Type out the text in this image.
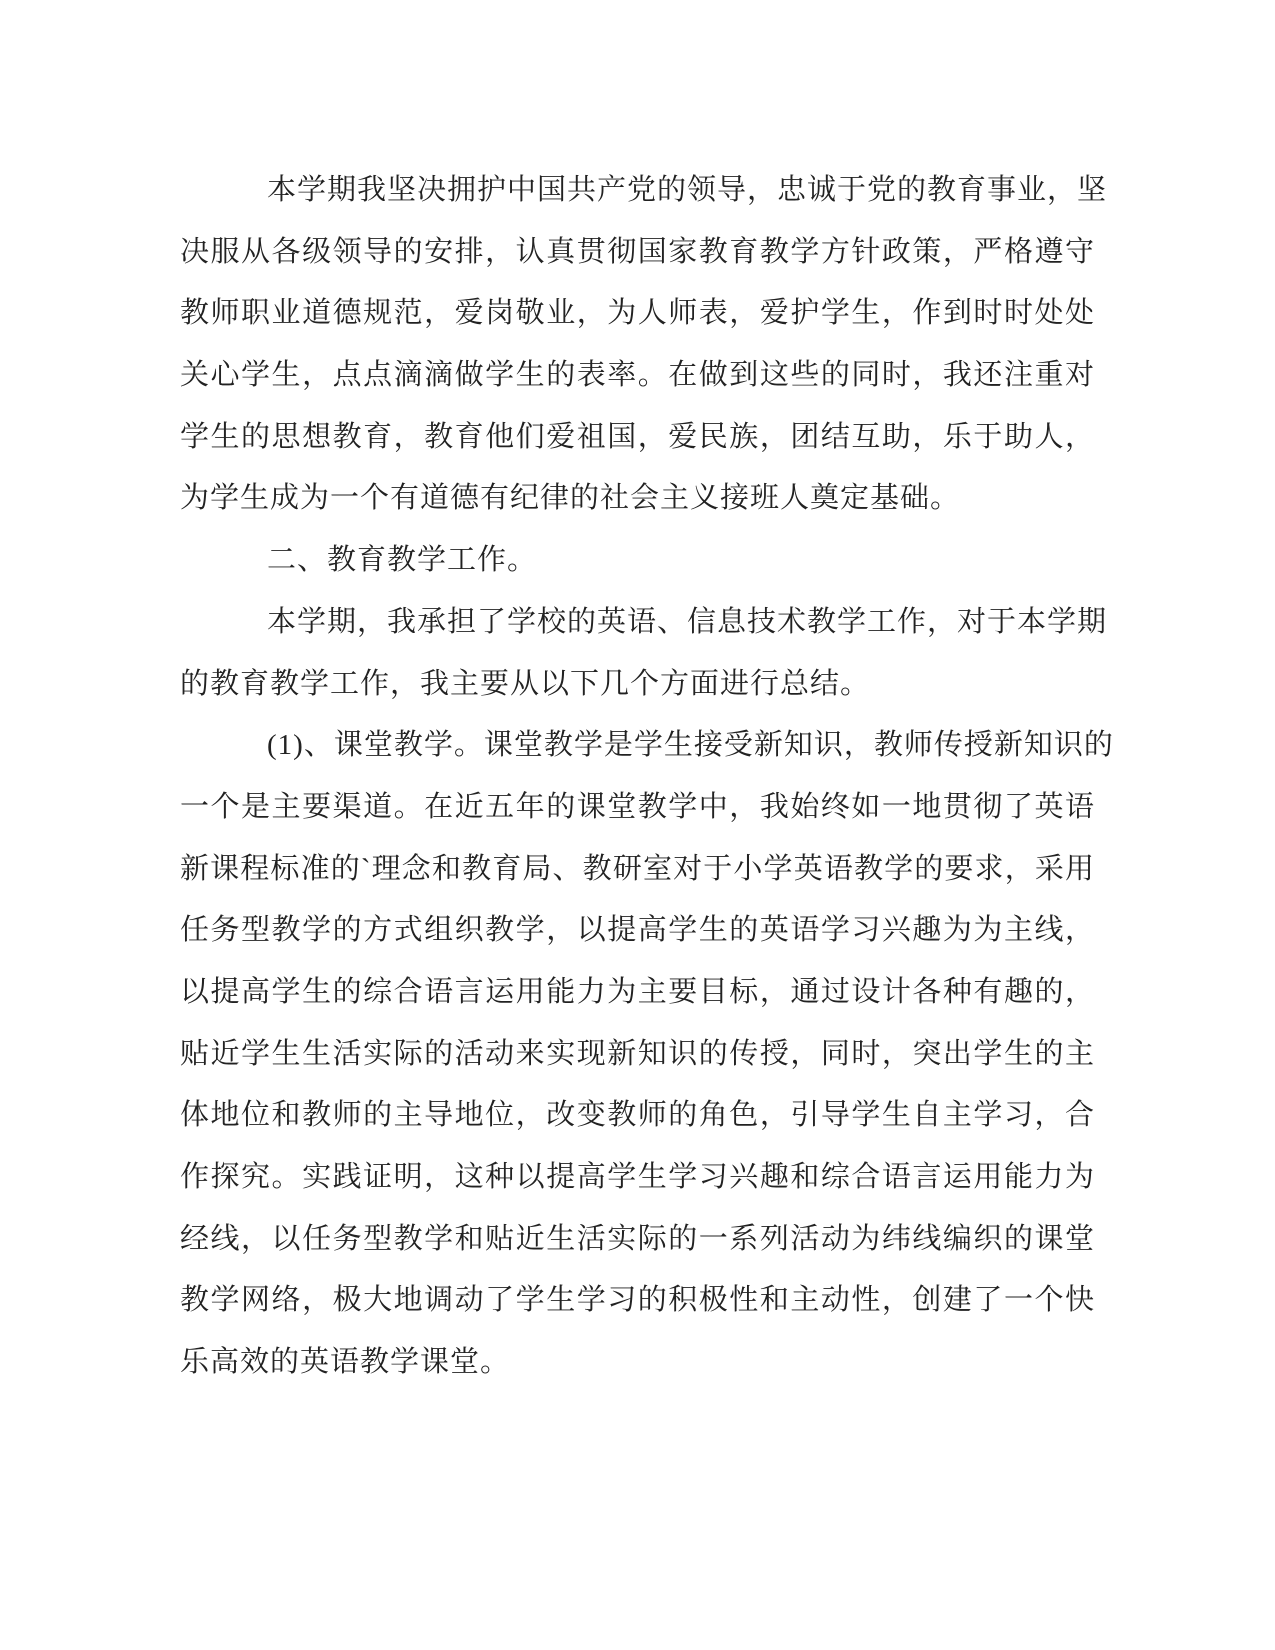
本学期我坚决拥护中国共产党的领导，忠诚于党的教育事业，坚
决服从各级领导的安排，认真贯彻国家教育教学方针政策，严格遵守
教师职业道德规范，爱岗敬业，为人师表，爱护学生，作到时时处处
关心学生，点点滴滴做学生的表率。在做到这些的同时，我还注重对
学生的思想教育，教育他们爱祖国，爱民族，团结互助，乐于助人，
为学生成为一个有道德有纪律的社会主义接班人奠定基础。
二、教育教学工作。
本学期，我承担了学校的英语、信息技术教学工作，对于本学期
的教育教学工作，我主要从以下几个方面进行总结。
(1)、课堂教学。课堂教学是学生接受新知识，教师传授新知识的
一个是主要渠道。在近五年的课堂教学中，我始终如一地贯彻了英语
新课程标准的`理念和教育局、教研室对于小学英语教学的要求，采用
任务型教学的方式组织教学，以提高学生的英语学习兴趣为为主线，
以提高学生的综合语言运用能力为主要目标，通过设计各种有趣的，
贴近学生生活实际的活动来实现新知识的传授，同时，突出学生的主
体地位和教师的主导地位，改变教师的角色，引导学生自主学习，合
作探究。实践证明，这种以提高学生学习兴趣和综合语言运用能力为
经线，以任务型教学和贴近生活实际的一系列活动为纬线编织的课堂
教学网络，极大地调动了学生学习的积极性和主动性，创建了一个快
乐高效的英语教学课堂。
